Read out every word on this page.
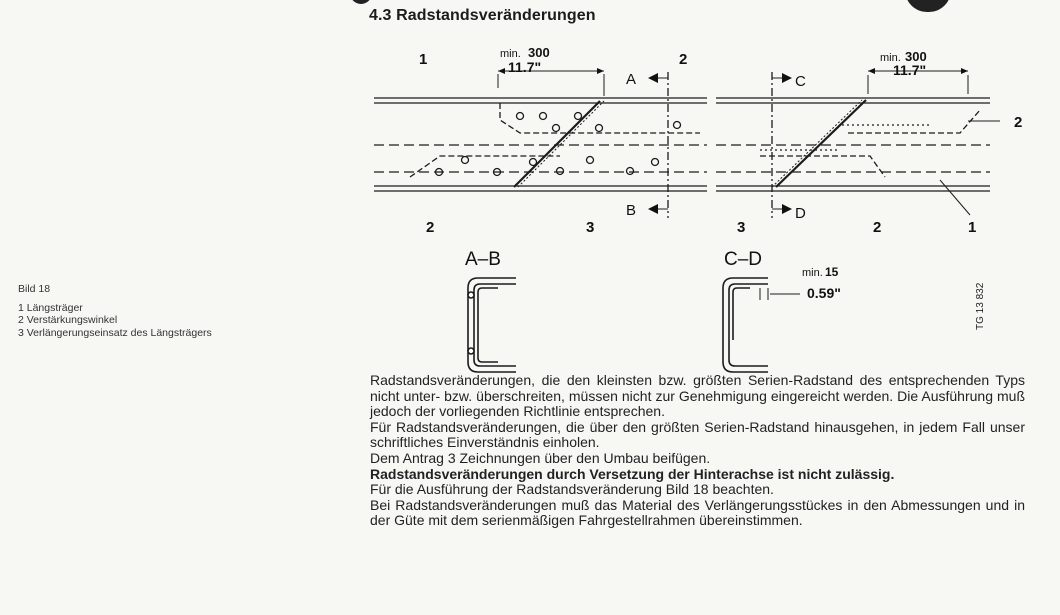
4.3 Radstandsveränderungen
Bild 18
1 Längsträger
2 Verstärkungswinkel
3 Verlängerungseinsatz des Längsträgers
min. 300
11.7"
min. 300
11.7"
A
B
C
D
1	2
2	3	3	2
2
1
A–B	C–D
min. 15
0.59"	TG 13 832

Radstandsveränderungen, die den kleinsten bzw. größten Serien-Radstand des entsprechenden Typs nicht unter- bzw. überschreiten, müssen nicht zur Genehmigung eingereicht werden. Die Ausführung muß jedoch der vorliegenden Richtlinie entsprechen.

Für Radstandsveränderungen, die über den größten Serien-Radstand hinausgehen, in jedem Fall unser schriftliches Einverständnis einholen.

Dem Antrag 3 Zeichnungen über den Umbau beifügen.

Radstandsveränderungen durch Versetzung der Hinterachse ist nicht zulässig.

Für die Ausführung der Radstandsveränderung Bild 18 beachten.

Bei Radstandsveränderungen muß das Material des Verlängerungsstückes in den Abmessungen und in der Güte mit dem serienmäßigen Fahrgestellrahmen übereinstimmen.
